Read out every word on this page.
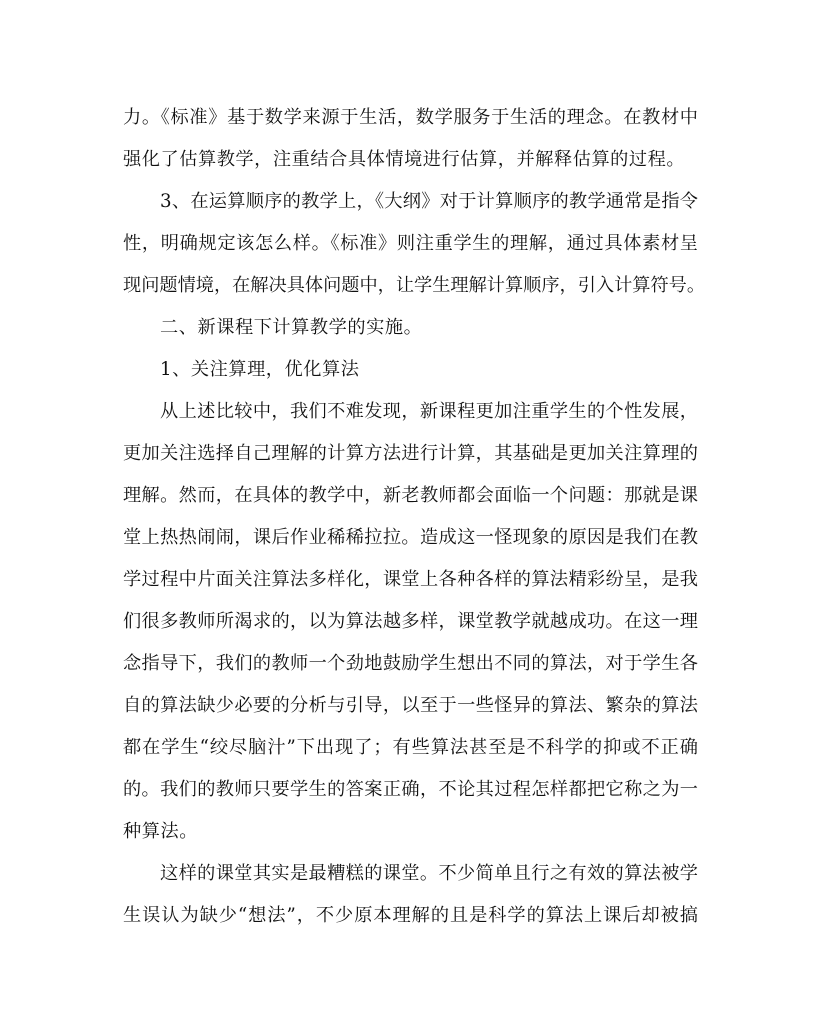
力。《标准》基于数学来源于生活，数学服务于生活的理念。在教材中
强化了估算教学，注重结合具体情境进行估算，并解释估算的过程。
3、在运算顺序的教学上，《大纲》对于计算顺序的教学通常是指令
性，明确规定该怎么样。《标准》则注重学生的理解，通过具体素材呈
现问题情境，在解决具体问题中，让学生理解计算顺序，引入计算符号。
二、新课程下计算教学的实施。
1、关注算理，优化算法
从上述比较中，我们不难发现，新课程更加注重学生的个性发展，
更加关注选择自己理解的计算方法进行计算，其基础是更加关注算理的
理解。然而，在具体的教学中，新老教师都会面临一个问题：那就是课
堂上热热闹闹，课后作业稀稀拉拉。造成这一怪现象的原因是我们在教
学过程中片面关注算法多样化，课堂上各种各样的算法精彩纷呈，是我
们很多教师所渴求的，以为算法越多样，课堂教学就越成功。在这一理
念指导下，我们的教师一个劲地鼓励学生想出不同的算法，对于学生各
自的算法缺少必要的分析与引导，以至于一些怪异的算法、繁杂的算法
都在学生“绞尽脑汁”下出现了；有些算法甚至是不科学的抑或不正确
的。我们的教师只要学生的答案正确，不论其过程怎样都把它称之为一
种算法。
这样的课堂其实是最糟糕的课堂。不少简单且行之有效的算法被学
生误认为缺少“想法”，不少原本理解的且是科学的算法上课后却被搞
